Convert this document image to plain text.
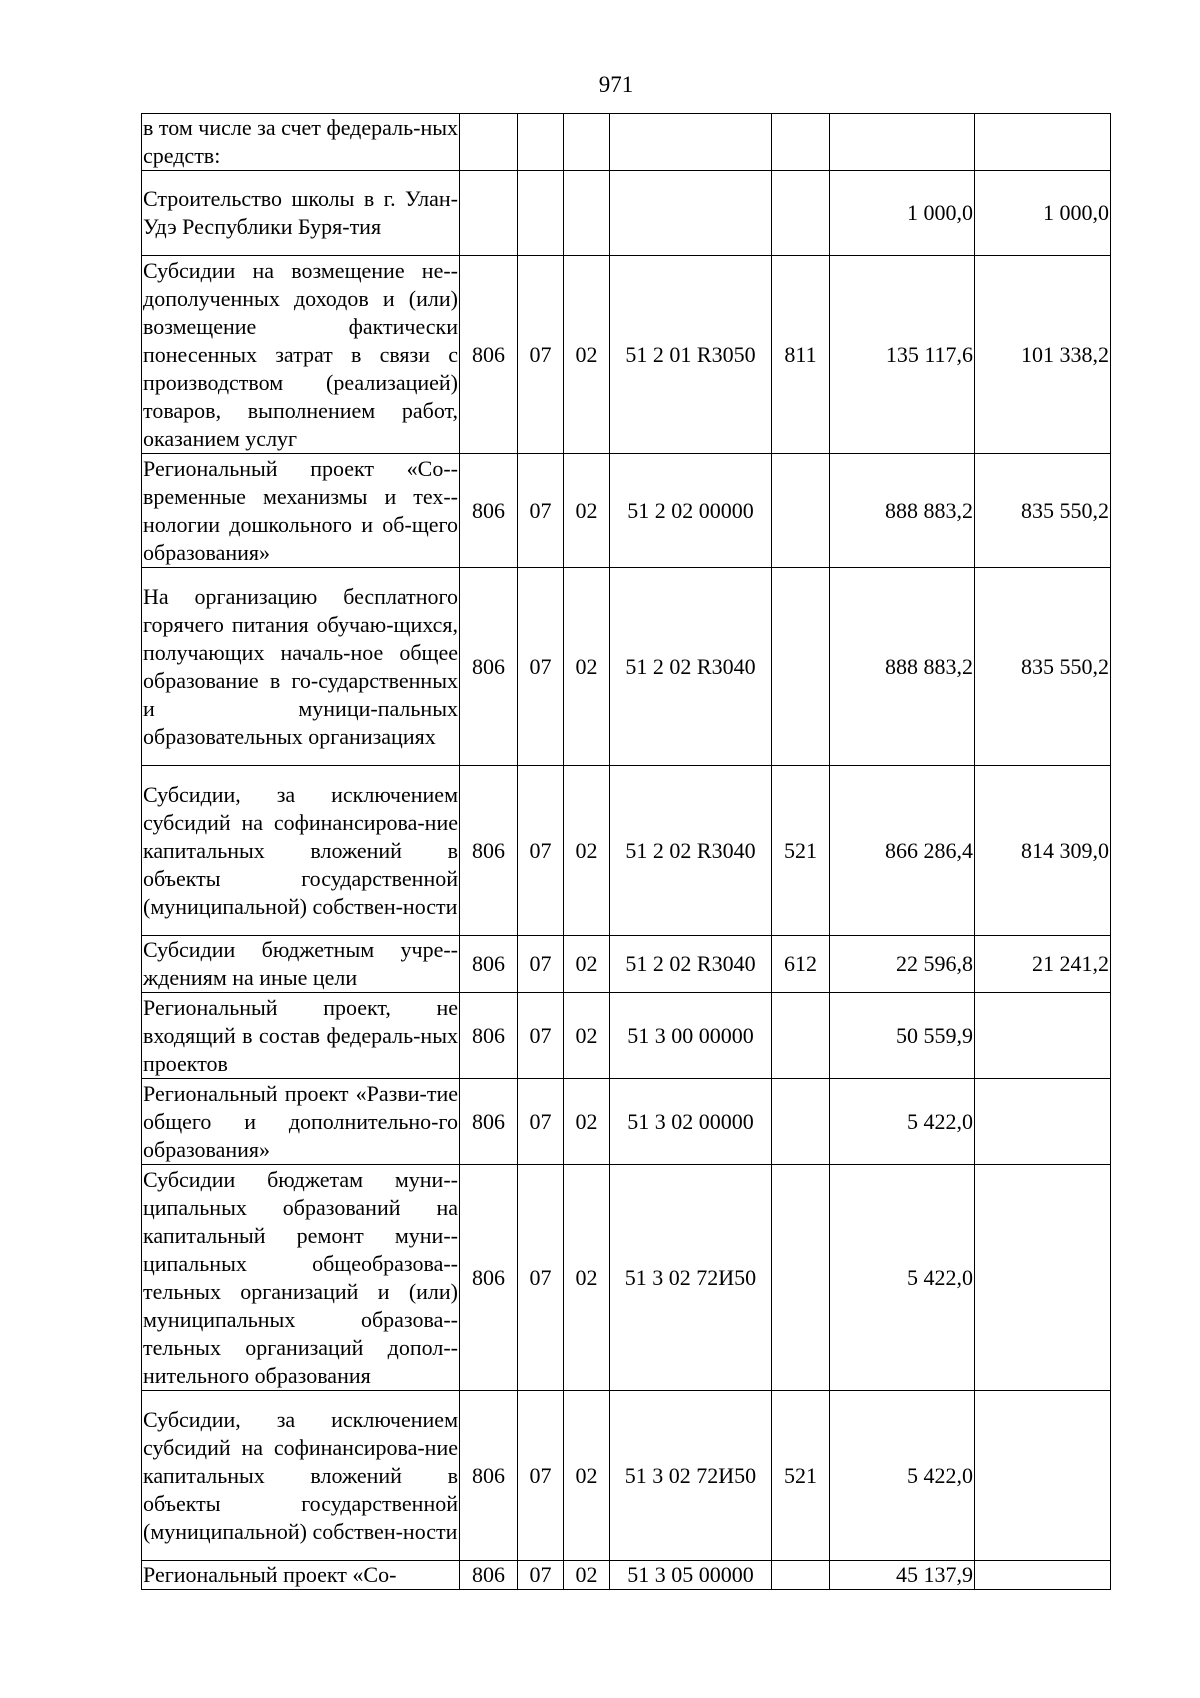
971
в том числе за счет федераль-ных средств:							
Строительство школы в г. Улан-Удэ Республики Буря-тия						1 000,0	1 000,0
Субсидии на возмещение не-дополученных доходов и (или) возмещение фактически понесенных затрат в связи с производством (реализацией) товаров, выполнением работ, оказанием услуг	806	07	02	51 2 01 R3050	811	135 117,6	101 338,2
Региональный проект «Со-временные механизмы и тех-нологии дошкольного и об-щего образования»	806	07	02	51 2 02 00000		888 883,2	835 550,2
На организацию бесплатного горячего питания обучаю-щихся, получающих началь-ное общее образование в го-сударственных и муници-пальных образовательных организациях	806	07	02	51 2 02 R3040		888 883,2	835 550,2
Субсидии, за исключением субсидий на софинансирова-ние капитальных вложений в объекты государственной (муниципальной) собствен-ности	806	07	02	51 2 02 R3040	521	866 286,4	814 309,0
Субсидии бюджетным учре-ждениям на иные цели	806	07	02	51 2 02 R3040	612	22 596,8	21 241,2
Региональный проект, не входящий в состав федераль-ных проектов	806	07	02	51 3 00 00000		50 559,9	
Региональный проект «Разви-тие общего и дополнительно-го образования»	806	07	02	51 3 02 00000		5 422,0	
Субсидии бюджетам муни-ципальных образований на капитальный ремонт муни-ципальных общеобразова-тельных организаций и (или) муниципальных образова-тельных организаций допол-нительного образования	806	07	02	51 3 02 72И50		5 422,0	
Субсидии, за исключением субсидий на софинансирова-ние капитальных вложений в объекты государственной (муниципальной) собствен-ности	806	07	02	51 3 02 72И50	521	5 422,0	
Региональный проект «Со-	806	07	02	51 3 05 00000		45 137,9	
